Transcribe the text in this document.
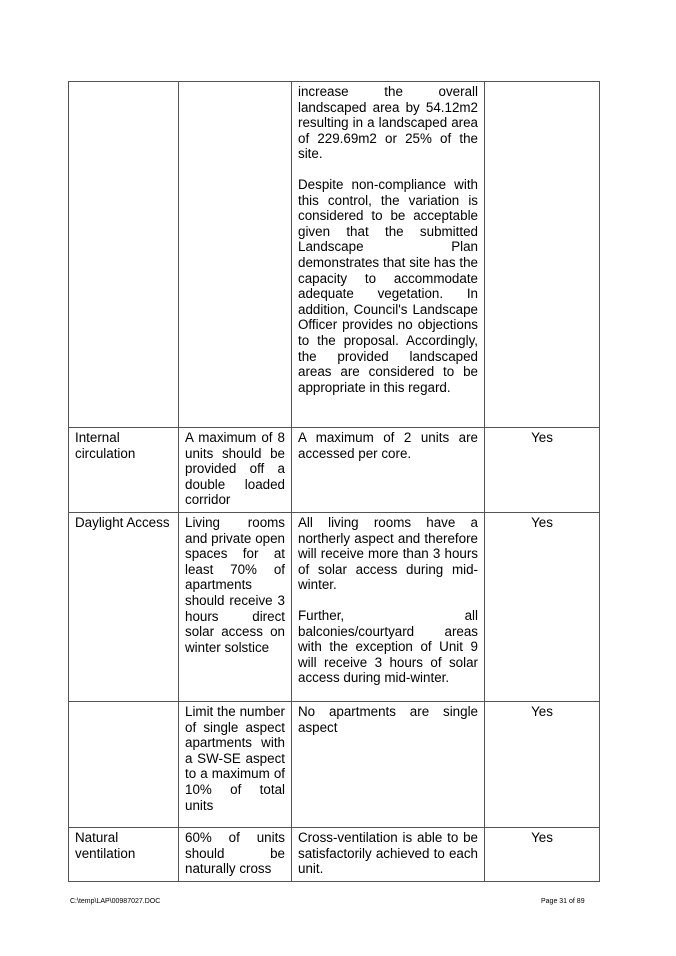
		increase the overall landscaped area by 54.12m2 resulting in a landscaped area of 229.69m2 or 25% of the site.

Despite non-compliance with this control, the variation is considered to be acceptable given that the submitted Landscape Plan demonstrates that site has the capacity to accommodate adequate vegetation. In addition, Council's Landscape Officer provides no objections to the proposal. Accordingly, the provided landscaped areas are considered to be appropriate in this regard.	

Internal circulation	A maximum of 8 units should be provided off a double loaded corridor	A maximum of 2 units are accessed per core.	Yes
Daylight Access	Living rooms and private open spaces for at least 70% of apartments should receive 3 hours direct solar access on winter solstice	All living rooms have a northerly aspect and therefore will receive more than 3 hours of solar access during mid-winter.

Further, all balconies/courtyard areas with the exception of Unit 9 will receive 3 hours of solar access during mid-winter.	Yes
	Limit the number of single aspect apartments with a SW-SE aspect to a maximum of 10% of total units	No apartments are single aspect	Yes
Natural ventilation	60% of units should be naturally cross	Cross-ventilation is able to be satisfactorily achieved to each unit.	Yes
C:\temp\LAP\00987027.DOC	Page 31 of 89
